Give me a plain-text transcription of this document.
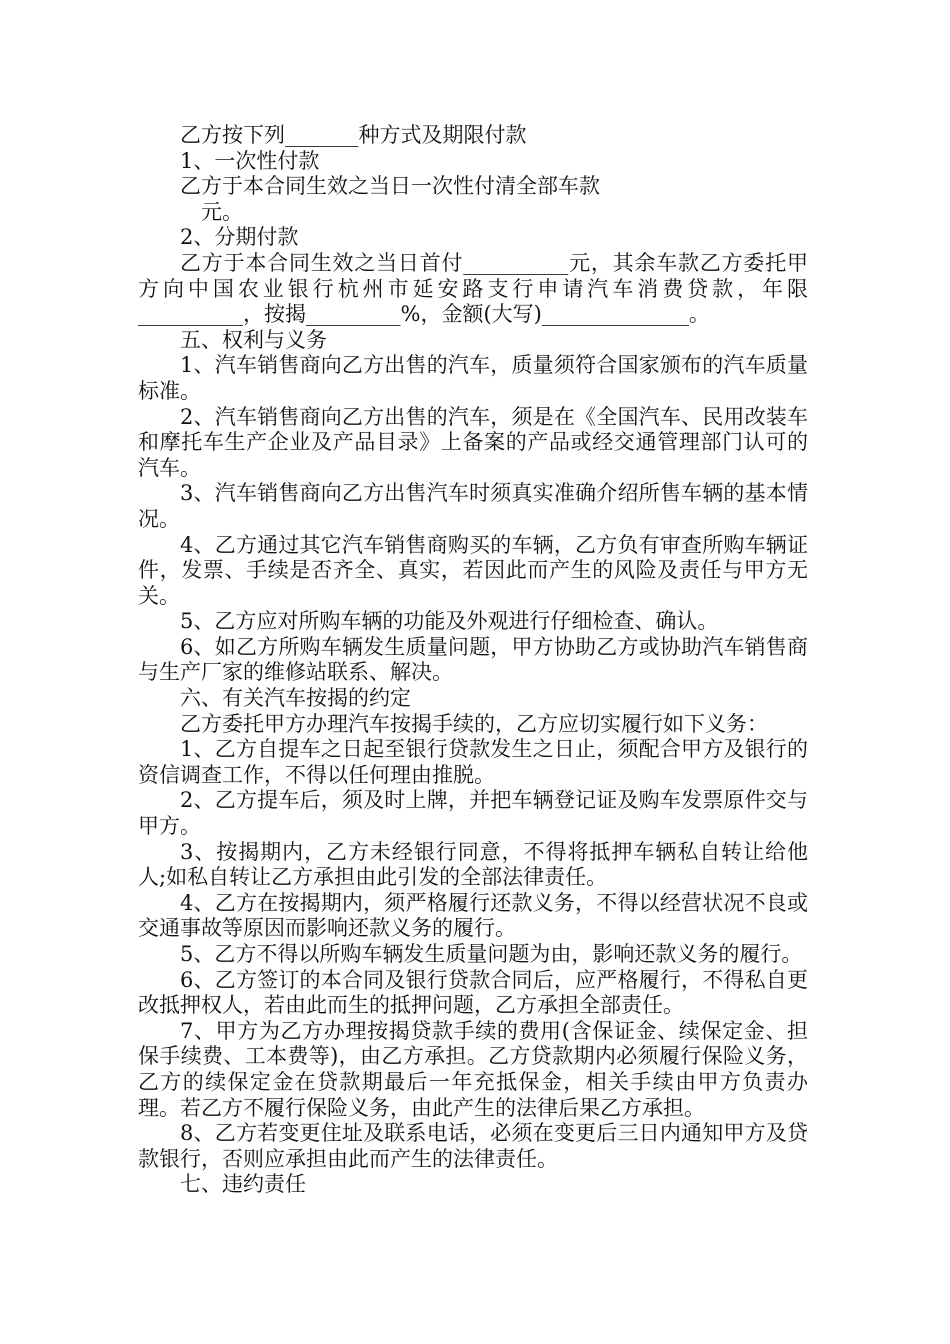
乙方按下列_______种方式及期限付款

1、一次性付款

乙方于本合同生效之当日一次性付清全部车款

元。

2、分期付款

乙方于本合同生效之当日首付__________元，其余车款乙方委托甲方向中国农业银行杭州市延安路支行申请汽车消费贷款，年限__________，按揭_________%，金额(大写)______________。

五、权利与义务

1、汽车销售商向乙方出售的汽车，质量须符合国家颁布的汽车质量标准。

2、汽车销售商向乙方出售的汽车，须是在《全国汽车、民用改装车和摩托车生产企业及产品目录》上备案的产品或经交通管理部门认可的汽车。

3、汽车销售商向乙方出售汽车时须真实准确介绍所售车辆的基本情况。

4、乙方通过其它汽车销售商购买的车辆，乙方负有审查所购车辆证件，发票、手续是否齐全、真实，若因此而产生的风险及责任与甲方无关。

5、乙方应对所购车辆的功能及外观进行仔细检查、确认。

6、如乙方所购车辆发生质量问题，甲方协助乙方或协助汽车销售商与生产厂家的维修站联系、解决。

六、有关汽车按揭的约定

乙方委托甲方办理汽车按揭手续的，乙方应切实履行如下义务：

1、乙方自提车之日起至银行贷款发生之日止，须配合甲方及银行的资信调查工作，不得以任何理由推脱。

2、乙方提车后，须及时上牌，并把车辆登记证及购车发票原件交与甲方。

3、按揭期内，乙方未经银行同意，不得将抵押车辆私自转让给他人;如私自转让乙方承担由此引发的全部法律责任。

4、乙方在按揭期内，须严格履行还款义务，不得以经营状况不良或交通事故等原因而影响还款义务的履行。

5、乙方不得以所购车辆发生质量问题为由，影响还款义务的履行。

6、乙方签订的本合同及银行贷款合同后，应严格履行，不得私自更改抵押权人，若由此而生的抵押问题，乙方承担全部责任。

7、甲方为乙方办理按揭贷款手续的费用(含保证金、续保定金、担保手续费、工本费等)，由乙方承担。乙方贷款期内必须履行保险义务，乙方的续保定金在贷款期最后一年充抵保金，相关手续由甲方负责办理。若乙方不履行保险义务，由此产生的法律后果乙方承担。

8、乙方若变更住址及联系电话，必须在变更后三日内通知甲方及贷款银行，否则应承担由此而产生的法律责任。

七、违约责任
